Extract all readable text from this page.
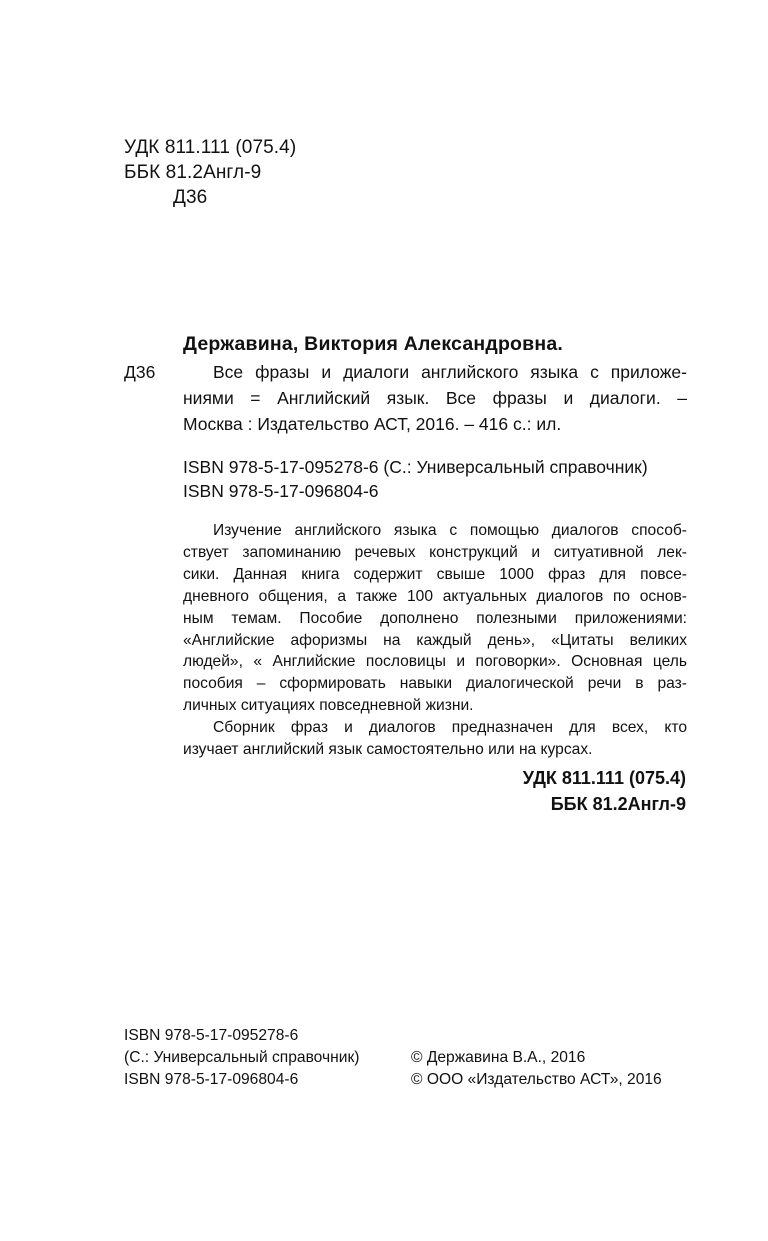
УДК 811.111 (075.4)
ББК 81.2Англ-9
Д36
Державина, Виктория Александровна.
Д36	Все фразы и диалоги английского языка с приложе-
ниями = Английский язык. Все фразы и диалоги. –
Москва : Издательство АСТ, 2016. – 416 с.: ил.
ISBN 978-5-17-095278-6 (С.: Универсальный справочник)
ISBN 978-5-17-096804-6
Изучение английского языка с помощью диалогов способ-
ствует запоминанию речевых конструкций и ситуативной лек-
сики. Данная книга содержит свыше 1000 фраз для повсе-
дневного общения, а также 100 актуальных диалогов по основ-
ным темам. Пособие дополнено полезными приложениями:
«Английские афоризмы на каждый день», «Цитаты великих
людей», « Английские пословицы и поговорки». Основная цель
пособия – сформировать навыки диалогической речи в раз-
личных ситуациях повседневной жизни.
Сборник фраз и диалогов предназначен для всех, кто
изучает английский язык самостоятельно или на курсах.
УДК 811.111 (075.4)
ББК 81.2Англ-9
ISBN 978-5-17-095278-6
(С.: Универсальный справочник)
ISBN 978-5-17-096804-6
© Державина В.А., 2016
© ООО «Издательство АСТ», 2016
